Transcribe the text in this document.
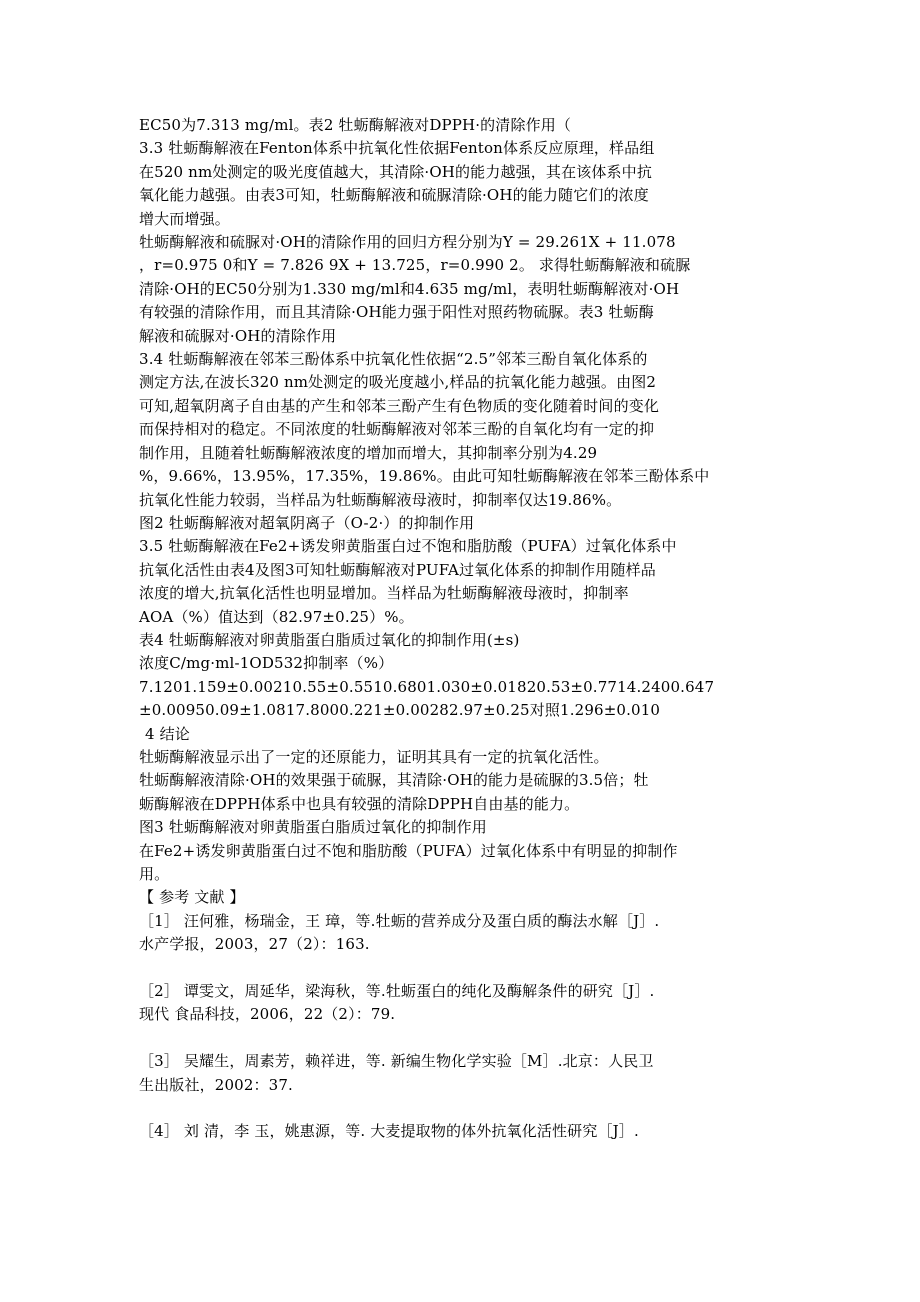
EC50为7.313 mg/ml。表2 牡蛎酶解液对DPPH·的清除作用（
3.3 牡蛎酶解液在Fenton体系中抗氧化性依据Fenton体系反应原理，样品组
在520 nm处测定的吸光度值越大，其清除·OH的能力越强，其在该体系中抗
氧化能力越强。由表3可知，牡蛎酶解液和硫脲清除·OH的能力随它们的浓度
增大而增强。
牡蛎酶解液和硫脲对·OH的清除作用的回归方程分别为Y = 29.261X + 11.078
，r=0.975 0和Y = 7.826 9X + 13.725，r=0.990 2。 求得牡蛎酶解液和硫脲
清除·OH的EC50分别为1.330 mg/ml和4.635 mg/ml，表明牡蛎酶解液对·OH
有较强的清除作用，而且其清除·OH能力强于阳性对照药物硫脲。表3 牡蛎酶
解液和硫脲对·OH的清除作用
3.4 牡蛎酶解液在邻苯三酚体系中抗氧化性依据“2.5”邻苯三酚自氧化体系的
测定方法,在波长320 nm处测定的吸光度越小,样品的抗氧化能力越强。由图2
可知,超氧阴离子自由基的产生和邻苯三酚产生有色物质的变化随着时间的变化
而保持相对的稳定。不同浓度的牡蛎酶解液对邻苯三酚的自氧化均有一定的抑
制作用，且随着牡蛎酶解液浓度的增加而增大，其抑制率分别为4.29
%，9.66%，13.95%，17.35%，19.86%。由此可知牡蛎酶解液在邻苯三酚体系中
抗氧化性能力较弱，当样品为牡蛎酶解液母液时，抑制率仅达19.86%。
图2 牡蛎酶解液对超氧阴离子（O-2·）的抑制作用
3.5 牡蛎酶解液在Fe2+诱发卵黄脂蛋白过不饱和脂肪酸（PUFA）过氧化体系中
抗氧化活性由表4及图3可知牡蛎酶解液对PUFA过氧化体系的抑制作用随样品
浓度的增大,抗氧化活性也明显增加。当样品为牡蛎酶解液母液时，抑制率
AOA（%）值达到（82.97±0.25）%。
表4 牡蛎酶解液对卵黄脂蛋白脂质过氧化的抑制作用(±s)
浓度C/mg·ml-1OD532抑制率（%）
7.1201.159±0.00210.55±0.5510.6801.030±0.01820.53±0.7714.2400.647
±0.00950.09±1.0817.8000.221±0.00282.97±0.25对照1.296±0.010
4 结论
牡蛎酶解液显示出了一定的还原能力，证明其具有一定的抗氧化活性。
牡蛎酶解液清除·OH的效果强于硫脲，其清除·OH的能力是硫脲的3.5倍；牡
蛎酶解液在DPPH体系中也具有较强的清除DPPH自由基的能力。
图3 牡蛎酶解液对卵黄脂蛋白脂质过氧化的抑制作用
在Fe2+诱发卵黄脂蛋白过不饱和脂肪酸（PUFA）过氧化体系中有明显的抑制作
用。
【 参考 文献 】
［1］ 汪何雅，杨瑞金，王 璋，等.牡蛎的营养成分及蛋白质的酶法水解［J］.
水产学报，2003，27（2）：163.
［2］ 谭雯文，周延华，梁海秋，等.牡蛎蛋白的纯化及酶解条件的研究［J］.
现代 食品科技，2006，22（2）：79.
［3］ 吴耀生，周素芳，赖祥进，等. 新编生物化学实验［M］.北京：人民卫
生出版社，2002：37.
［4］ 刘 清，李 玉，姚惠源，等. 大麦提取物的体外抗氧化活性研究［J］.
